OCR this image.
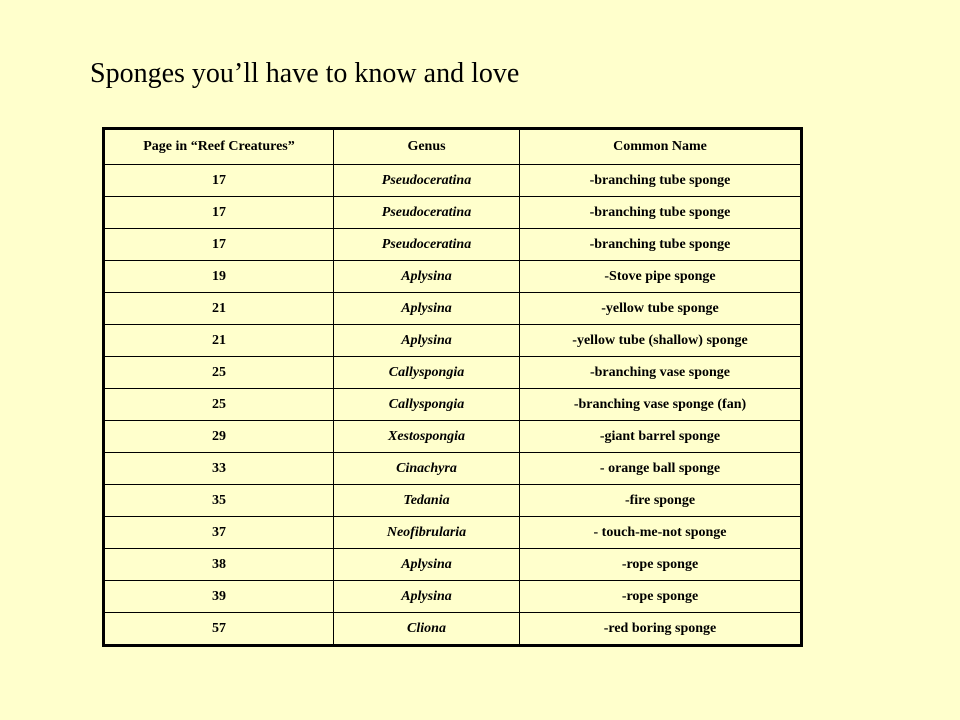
Sponges you’ll have to know and love
Page in “Reef Creatures”	Genus	Common Name
17	Pseudoceratina	-branching tube sponge
17	Pseudoceratina	-branching tube sponge
17	Pseudoceratina	-branching tube sponge
19	Aplysina	-Stove pipe sponge
21	Aplysina	-yellow tube sponge
21	Aplysina	-yellow tube (shallow) sponge
25	Callyspongia	-branching vase sponge
25	Callyspongia	-branching vase sponge (fan)
29	Xestospongia	-giant barrel sponge
33	Cinachyra	- orange ball sponge
35	Tedania	-fire sponge
37	Neofibrularia	- touch-me-not sponge
38	Aplysina	-rope sponge
39	Aplysina	-rope sponge
57	Cliona	-red boring sponge
